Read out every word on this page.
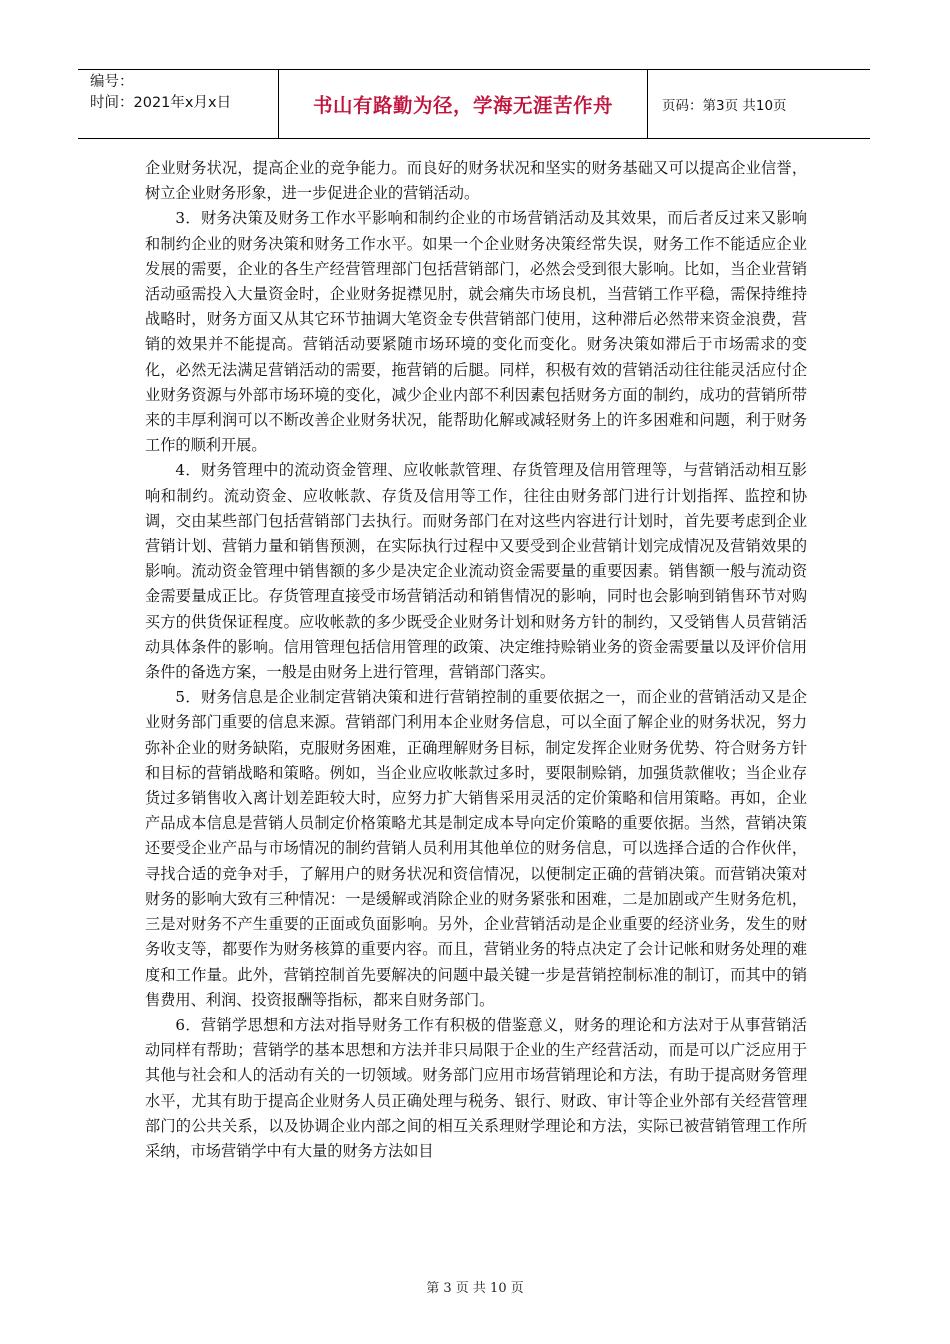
编号：
时间：2021年x月x日	书山有路勤为径，学海无涯苦作舟	页码：第3页 共10页

企业财务状况，提高企业的竞争能力。而良好的财务状况和坚实的财务基础又可以提高企业信誉，树立企业财务形象，进一步促进企业的营销活动。

3．财务决策及财务工作水平影响和制约企业的市场营销活动及其效果，而后者反过来又影响和制约企业的财务决策和财务工作水平。如果一个企业财务决策经常失误，财务工作不能适应企业发展的需要，企业的各生产经营管理部门包括营销部门，必然会受到很大影响。比如，当企业营销活动亟需投入大量资金时，企业财务捉襟见肘，就会痛失市场良机，当营销工作平稳，需保持维持战略时，财务方面又从其它环节抽调大笔资金专供营销部门使用，这种滞后必然带来资金浪费，营销的效果并不能提高。营销活动要紧随市场环境的变化而变化。财务决策如滞后于市场需求的变化，必然无法满足营销活动的需要，拖营销的后腿。同样，积极有效的营销活动往往能灵活应付企业财务资源与外部市场环境的变化，减少企业内部不利因素包括财务方面的制约，成功的营销所带来的丰厚利润可以不断改善企业财务状况，能帮助化解或减轻财务上的许多困难和问题，利于财务工作的顺利开展。

4．财务管理中的流动资金管理、应收帐款管理、存货管理及信用管理等，与营销活动相互影响和制约。流动资金、应收帐款、存货及信用等工作，往往由财务部门进行计划指挥、监控和协调，交由某些部门包括营销部门去执行。而财务部门在对这些内容进行计划时，首先要考虑到企业营销计划、营销力量和销售预测，在实际执行过程中又要受到企业营销计划完成情况及营销效果的影响。流动资金管理中销售额的多少是决定企业流动资金需要量的重要因素。销售额一般与流动资金需要量成正比。存货管理直接受市场营销活动和销售情况的影响，同时也会影响到销售环节对购买方的供货保证程度。应收帐款的多少既受企业财务计划和财务方针的制约，又受销售人员营销活动具体条件的影响。信用管理包括信用管理的政策、决定维持赊销业务的资金需要量以及评价信用条件的备选方案，一般是由财务上进行管理，营销部门落实。

5．财务信息是企业制定营销决策和进行营销控制的重要依据之一，而企业的营销活动又是企业财务部门重要的信息来源。营销部门利用本企业财务信息，可以全面了解企业的财务状况，努力弥补企业的财务缺陷，克服财务困难，正确理解财务目标，制定发挥企业财务优势、符合财务方针和目标的营销战略和策略。例如，当企业应收帐款过多时，要限制赊销，加强货款催收；当企业存货过多销售收入离计划差距较大时，应努力扩大销售采用灵活的定价策略和信用策略。再如，企业产品成本信息是营销人员制定价格策略尤其是制定成本导向定价策略的重要依据。当然，营销决策还要受企业产品与市场情况的制约营销人员利用其他单位的财务信息，可以选择合适的合作伙伴，寻找合适的竞争对手，了解用户的财务状况和资信情况，以便制定正确的营销决策。而营销决策对财务的影响大致有三种情况：一是缓解或消除企业的财务紧张和困难，二是加剧或产生财务危机，三是对财务不产生重要的正面或负面影响。另外，企业营销活动是企业重要的经济业务，发生的财务收支等，都要作为财务核算的重要内容。而且，营销业务的特点决定了会计记帐和财务处理的难度和工作量。此外，营销控制首先要解决的问题中最关键一步是营销控制标准的制订，而其中的销售费用、利润、投资报酬等指标，都来自财务部门。

6．营销学思想和方法对指导财务工作有积极的借鉴意义，财务的理论和方法对于从事营销活动同样有帮助；营销学的基本思想和方法并非只局限于企业的生产经营活动，而是可以广泛应用于其他与社会和人的活动有关的一切领域。财务部门应用市场营销理论和方法，有助于提高财务管理水平，尤其有助于提高企业财务人员正确处理与税务、银行、财政、审计等企业外部有关经营管理部门的公共关系，以及协调企业内部之间的相互关系理财学理论和方法，实际已被营销管理工作所采纳，市场营销学中有大量的财务方法如目

第 3 页 共 10 页
